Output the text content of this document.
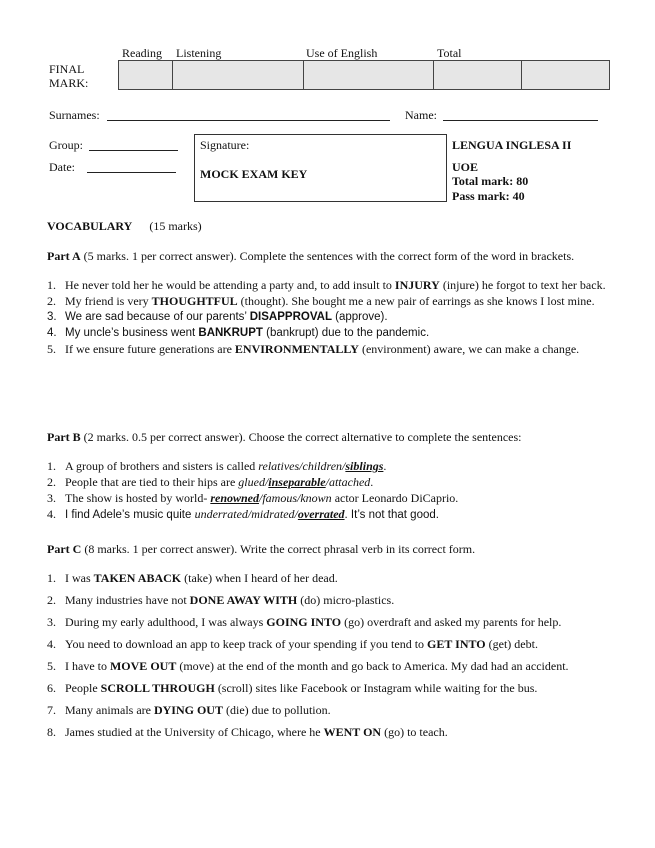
Reading Listening	Use of English	Total
FINAL
MARK:
Surnames:	Name:
Group:
Date:
Signature:
MOCK EXAM KEY
LENGUA INGLESA II
UOE
Total mark: 80
Pass mark: 40
VOCABULARY (15 marks)
Part A (5 marks. 1 per correct answer). Complete the sentences with the correct form of the word in brackets.
1. He never told her he would be attending a party and, to add insult to INJURY (injure) he forgot to text her back.
2. My friend is very THOUGHTFUL (thought). She bought me a new pair of earrings as she knows I lost mine.
3. We are sad because of our parents’ DISAPPROVAL (approve).
4. My uncle’s business went BANKRUPT (bankrupt) due to the pandemic.
5. If we ensure future generations are ENVIRONMENTALLY (environment) aware, we can make a change.
Part B (2 marks. 0.5 per correct answer). Choose the correct alternative to complete the sentences:
1. A group of brothers and sisters is called relatives/children/siblings.
2. People that are tied to their hips are glued/inseparable/attached.
3. The show is hosted by world- renowned/famous/known actor Leonardo DiCaprio.
4. I find Adele’s music quite underrated/midrated/overrated. It’s not that good.
Part C (8 marks. 1 per correct answer). Write the correct phrasal verb in its correct form.
1. I was TAKEN ABACK (take) when I heard of her dead.
2. Many industries have not DONE AWAY WITH (do) micro-plastics.
3. During my early adulthood, I was always GOING INTO (go) overdraft and asked my parents for help.
4. You need to download an app to keep track of your spending if you tend to GET INTO (get) debt.
5. I have to MOVE OUT (move) at the end of the month and go back to America. My dad had an accident.
6. People SCROLL THROUGH (scroll) sites like Facebook or Instagram while waiting for the bus.
7. Many animals are DYING OUT (die) due to pollution.
8. James studied at the University of Chicago, where he WENT ON (go) to teach.
